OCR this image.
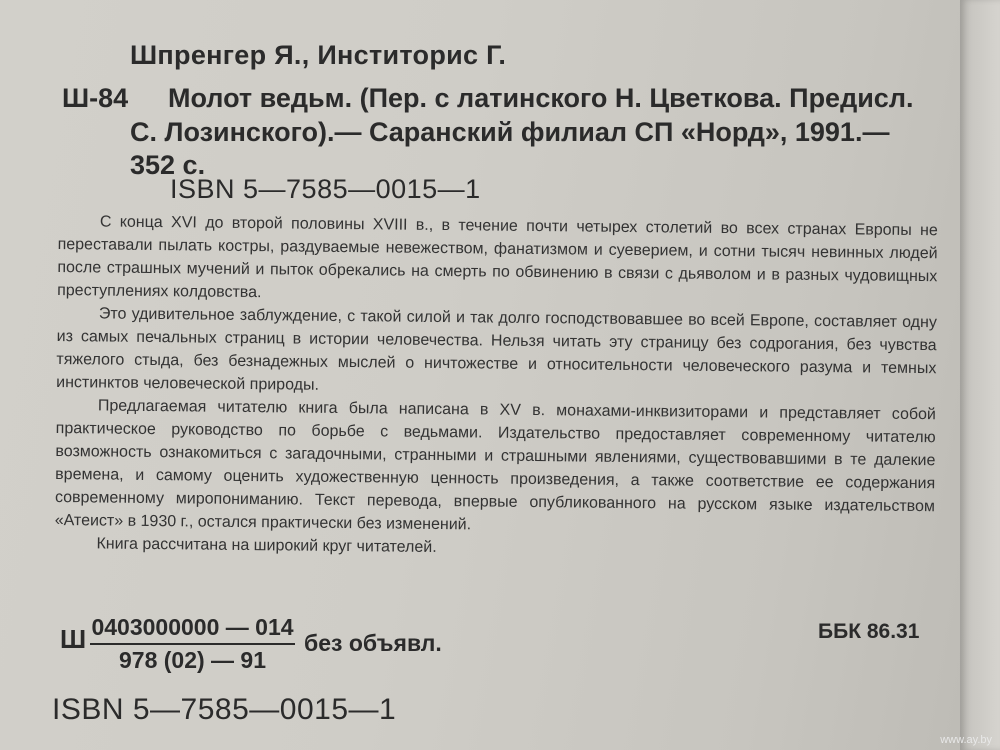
Шпренгер Я., Инститорис Г.
Ш-84 Молот ведьм. (Пер. с латинского Н. Цветкова. Предисл.
С. Лозинского).— Саранский филиал СП «Норд», 1991.—
352 с.
ISBN 5—7585—0015—1

С конца XVI до второй половины XVIII в., в течение почти четырех столетий во всех странах Европы не переставали пылать костры, раздуваемые невежеством, фанатизмом и суеверием, и сотни тысяч невинных людей после страшных мучений и пыток обрекались на смерть по обвинению в связи с дьяволом и в разных чудовищных преступлениях колдовства.

Это удивительное заблуждение, с такой силой и так долго господствовавшее во всей Европе, составляет одну из самых печальных страниц в истории человечества. Нельзя читать эту страницу без содрогания, без чувства тяжелого стыда, без безнадежных мыслей о ничтожестве и относительности человеческого разума и темных инстинктов человеческой природы.

Предлагаемая читателю книга была написана в XV в. монахами-инквизиторами и представляет собой практическое руководство по борьбе с ведьмами. Издательство предоставляет современному читателю возможность ознакомиться с загадочными, странными и страшными явлениями, существовавшими в те далекие времена, и самому оценить художественную ценность произведения, а также соответствие ее содержания современному миропониманию. Текст перевода, впервые опубликованного на русском языке издательством «Атеист» в 1930 г., остался практически без изменений.

Книга рассчитана на широкий круг читателей.

Ш $\frac{0403000000 — 014}{978 (02) — 91}$ без объявл.	ББК 86.31
ISBN 5—7585—0015—1
www.ay.by
